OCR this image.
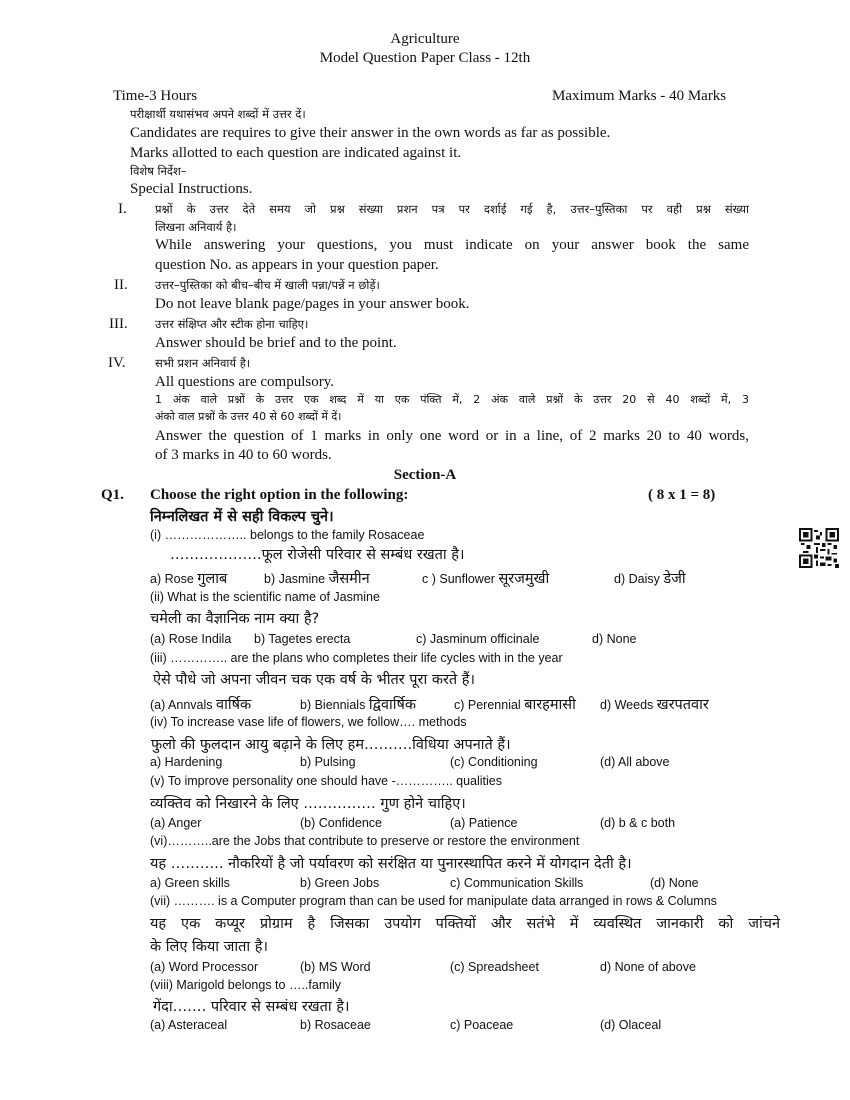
Agriculture
Model Question Paper Class - 12th
Time-3 Hours	Maximum Marks - 40 Marks
परीक्षार्थी यथासंभव अपने शब्दों में उत्तर दें।
Candidates are requires to give their answer in the own words as far as possible.
Marks allotted to each question are indicated against it.
विशेष निर्देश–
Special Instructions.
I. प्रश्नों के उत्तर देते समय जो प्रश्न संख्या प्रशन पत्र पर दर्शाई गई है, उत्तर–पुस्तिका पर वही प्रश्न संख्या
लिखना अनिवार्य है।
While answering your questions, you must indicate on your answer book the same
question No. as appears in your question paper.
II. उत्तर–पुस्तिका को बीच–बीच में खाली पन्ना/पन्नें न छोड़ें।
Do not leave blank page/pages in your answer book.
III. उत्तर संक्षिप्त और स्टीक होना चाहिए।
Answer should be brief and to the point.
IV.	सभी प्रशन अनिवार्य है।
All questions are compulsory.
1 अंक वाले प्रश्नों के उत्तर एक शब्द में या एक पंक्ति में, 2 अंक वाले प्रश्नों के उत्तर 20 से 40 शब्दों में, 3
अंको वाल प्रश्नों के उत्तर 40 से 60 शब्दों में दें।
Answer the question of 1 marks in only one word or in a line, of 2 marks 20 to 40 words,
of 3 marks in 40 to 60 words.
Section-A
Q1. Choose the right option in the following:	( 8 x 1 = 8)
निम्नलिखत में से सही विकल्प चुने।
(i) ……………….. belongs to the family Rosaceae
……………….फूल रोजेसी परिवार से सम्बंध रखता है।
a) Rose गुलाब	b) Jasmine जैसमीन	c ) Sunflower सूरजमुखी	d) Daisy डेजी
(ii) What is the scientific name of Jasmine
चमेली का वैज्ञानिक नाम क्या है?
(a) Rose Indila b) Tagetes erecta	c) Jasminum officinale	d) None
(iii) ………….. are the plans who completes their life cycles with in the year
ऐसे पौधे जो अपना जीवन चक एक वर्ष के भीतर पूरा करते हैं।
(a) Annvals वार्षिक	b) Biennials द्विवार्षिक	c) Perennial बारहमासी d) Weeds खरपतवार
(iv) To increase vase life of flowers, we follow…. methods
फुलो की फुलदान आयु बढ़ाने के लिए हम……….विधिया अपनाते हैं।
a) Hardening	b) Pulsing	(c) Conditioning	(d) All above
(v) To improve personality one should have -………….. qualities
व्यक्तिव को निखारने के लिए …………… गुण होने चाहिए।
(a) Anger	(b) Confidence	(a) Patience	(d) b & c both
(vi)………..are the Jobs that contribute to preserve or restore the environment
यह ……….. नौकरियों है जो पर्यावरण को सरंक्षित या पुनारस्थापित करने में योगदान देती है।
a) Green skills	b) Green Jobs	c) Communication Skills	(d) None
(vii) ………. is a Computer program than can be used for manipulate data arranged in rows & Columns
यह एक कप्यूर प्रोग्राम है जिसका उपयोग पक्तियों और सतंभे में व्यवस्थित जानकारी को जांचने
के लिए किया जाता है।
(a) Word Processor	(b) MS Word	(c) Spreadsheet	d) None of above
(viii) Marigold belongs to …..family
गेंदा……. परिवार से सम्बंध रखता है।
(a) Asteraceal	b) Rosaceae	c) Poaceae	(d) Olaceal
